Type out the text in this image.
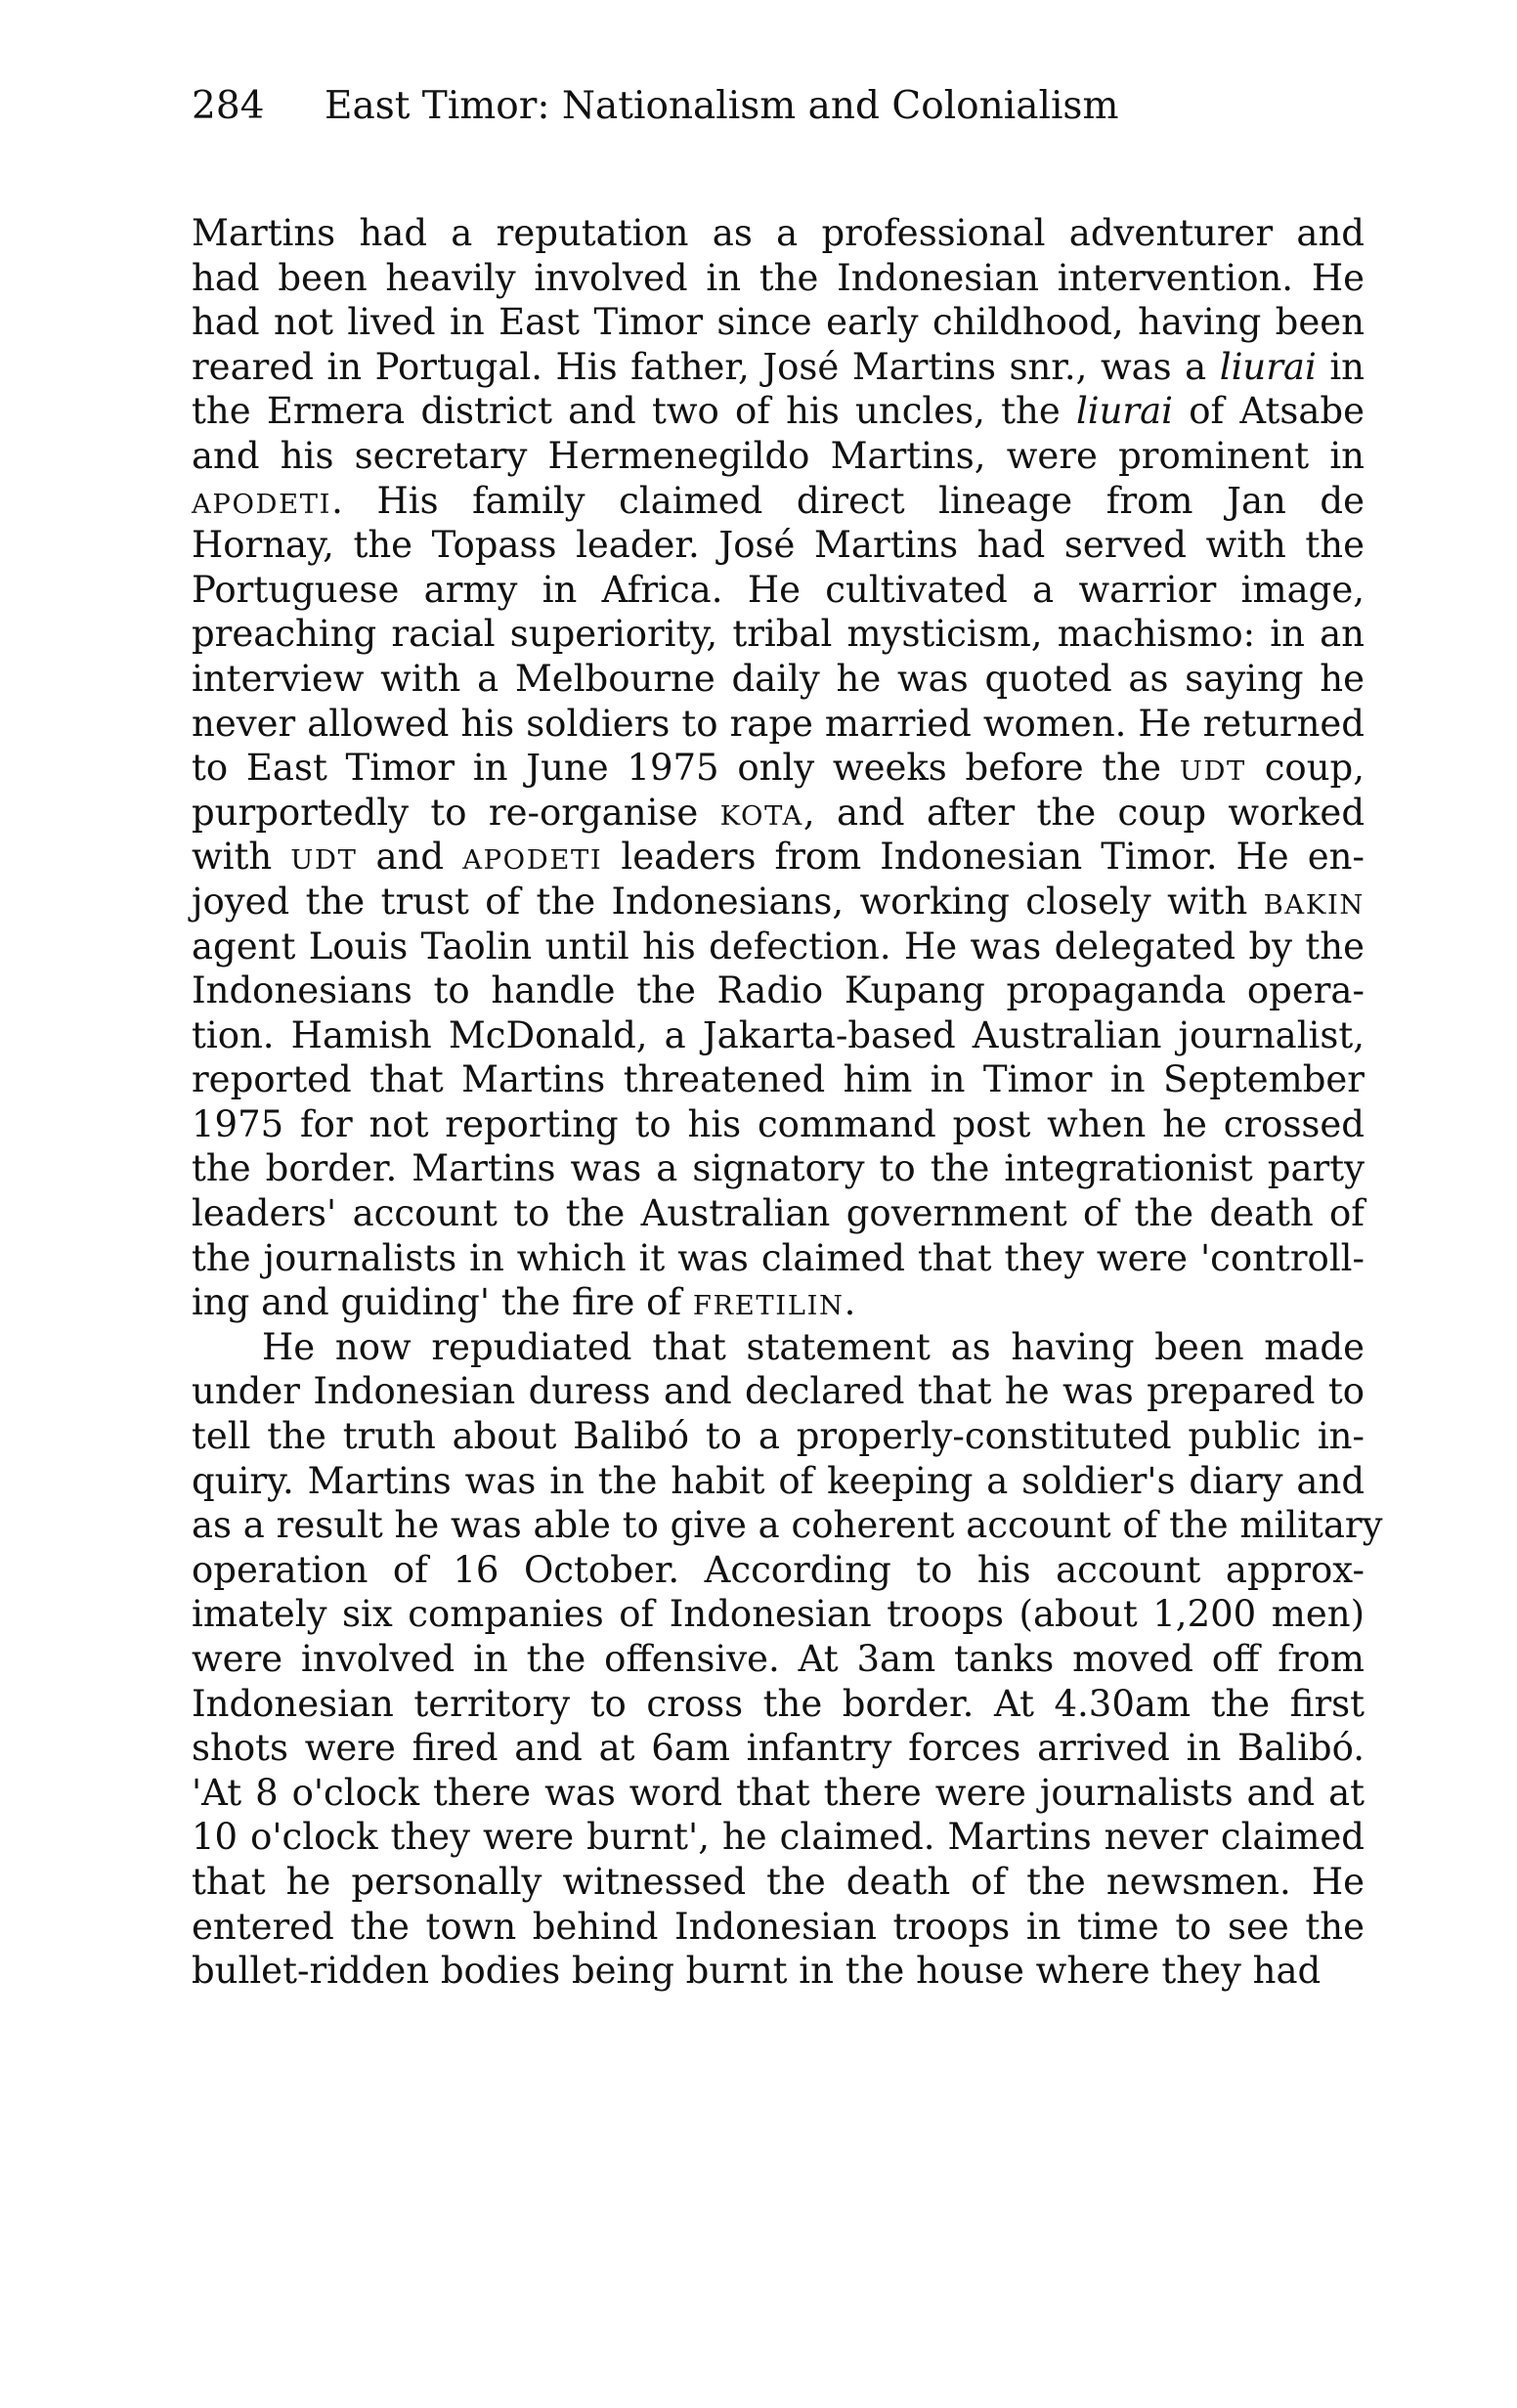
284 East Timor: Nationalism and Colonialism
Martins had a reputation as a professional adventurer and
had been heavily involved in the Indonesian intervention. He
had not lived in East Timor since early childhood, having been
reared in Portugal. His father, José Martins snr., was a liurai in
the Ermera district and two of his uncles, the liurai of Atsabe
and his secretary Hermenegildo Martins, were prominent in
APODETI. His family claimed direct lineage from Jan de
Hornay, the Topass leader. José Martins had served with the
Portuguese army in Africa. He cultivated a warrior image,
preaching racial superiority, tribal mysticism, machismo: in an
interview with a Melbourne daily he was quoted as saying he
never allowed his soldiers to rape married women. He returned
to East Timor in June 1975 only weeks before the UDT coup,
purportedly to re-organise KOTA, and after the coup worked
with UDT and APODETI leaders from Indonesian Timor. He en-
joyed the trust of the Indonesians, working closely with BAKIN
agent Louis Taolin until his defection. He was delegated by the
Indonesians to handle the Radio Kupang propaganda opera-
tion. Hamish McDonald, a Jakarta-based Australian journalist,
reported that Martins threatened him in Timor in September
1975 for not reporting to his command post when he crossed
the border. Martins was a signatory to the integrationist party
leaders' account to the Australian government of the death of
the journalists in which it was claimed that they were 'controll-
ing and guiding' the fire of FRETILIN.
He now repudiated that statement as having been made
under Indonesian duress and declared that he was prepared to
tell the truth about Balibó to a properly-constituted public in-
quiry. Martins was in the habit of keeping a soldier's diary and
as a result he was able to give a coherent account of the military
operation of 16 October. According to his account approx-
imately six companies of Indonesian troops (about 1,200 men)
were involved in the offensive. At 3am tanks moved off from
Indonesian territory to cross the border. At 4.30am the first
shots were fired and at 6am infantry forces arrived in Balibó.
'At 8 o'clock there was word that there were journalists and at
10 o'clock they were burnt', he claimed. Martins never claimed
that he personally witnessed the death of the newsmen. He
entered the town behind Indonesian troops in time to see the
bullet-ridden bodies being burnt in the house where they had
